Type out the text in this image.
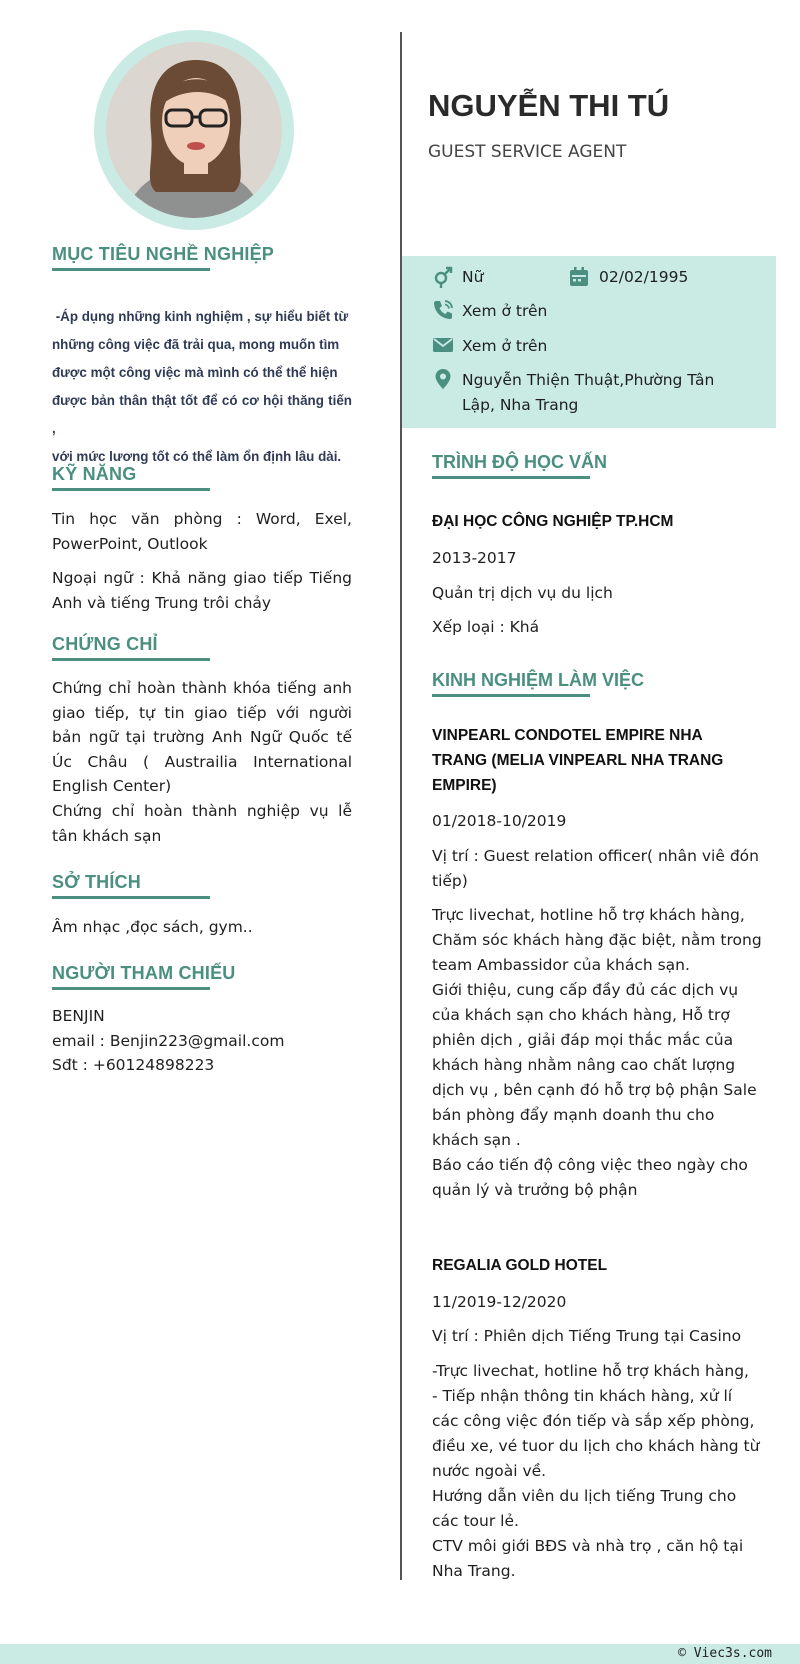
MỤC TIÊU NGHỀ NGHIỆP
-Áp dụng những kinh nghiệm , sự hiểu biết từ
những công việc đã trải qua, mong muốn tìm
được một công việc mà mình có thể thể hiện
được bản thân thật tốt để có cơ hội thăng tiến ,
với mức lương tốt có thể làm ổn định lâu dài.
KỸ NĂNG
Tin học văn phòng : Word, Exel, PowerPoint, Outlook
Ngoại ngữ : Khả năng giao tiếp Tiếng Anh và tiếng Trung trôi chảy
CHỨNG CHỈ
Chứng chỉ hoàn thành khóa tiếng anh giao tiếp, tự tin giao tiếp với người bản ngữ tại trường Anh Ngữ Quốc tế Úc Châu ( Austrailia International English Center)
Chứng chỉ hoàn thành nghiệp vụ lễ tân khách sạn
SỞ THÍCH
Âm nhạc ,đọc sách, gym..
NGƯỜI THAM CHIẾU
BENJIN
email : Benjin223@gmail.com
Sđt : +60124898223
NGUYỄN THI TÚ
GUEST SERVICE AGENT
Nữ	02/02/1995
Xem ở trên
Xem ở trên
Nguyễn Thiện Thuật,Phường Tân
Lập, Nha Trang
TRÌNH ĐỘ HỌC VẤN
ĐẠI HỌC CÔNG NGHIỆP TP.HCM
2013-2017
Quản trị dịch vụ du lịch
Xếp loại : Khá
KINH NGHIỆM LÀM VIỆC
VINPEARL CONDOTEL EMPIRE NHA
TRANG (MELIA VINPEARL NHA TRANG
EMPIRE)
01/2018-10/2019
Vị trí : Guest relation officer( nhân viê đón
tiếp)
Trực livechat, hotline hỗ trợ khách hàng,
Chăm sóc khách hàng đặc biệt, nằm trong
team Ambassidor của khách sạn.
Giới thiệu, cung cấp đầy đủ các dịch vụ
của khách sạn cho khách hàng, Hỗ trợ
phiên dịch , giải đáp mọi thắc mắc của
khách hàng nhằm nâng cao chất lượng
dịch vụ , bên cạnh đó hỗ trợ bộ phận Sale
bán phòng đẩy mạnh doanh thu cho
khách sạn .
Báo cáo tiến độ công việc theo ngày cho
quản lý và trưởng bộ phận
REGALIA GOLD HOTEL
11/2019-12/2020
Vị trí : Phiên dịch Tiếng Trung tại Casino
-Trực livechat, hotline hỗ trợ khách hàng,
- Tiếp nhận thông tin khách hàng, xử lí
các công việc đón tiếp và sắp xếp phòng,
điều xe, vé tuor du lịch cho khách hàng từ
nước ngoài về.
Hướng dẫn viên du lịch tiếng Trung cho
các tour lẻ.
CTV môi giới BĐS và nhà trọ , căn hộ tại
Nha Trang.
© Viec3s.com
